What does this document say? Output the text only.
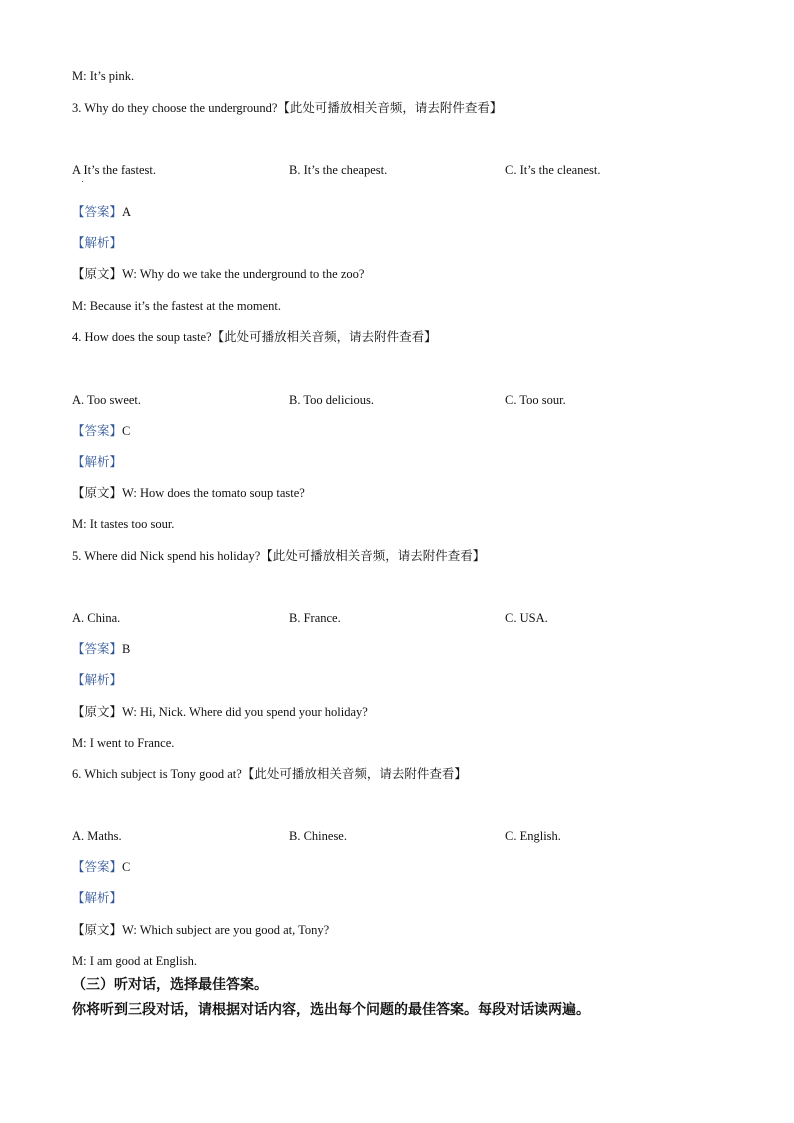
M: It’s pink.
3. Why do they choose the underground?【此处可播放相关音频，请去附件查看】
A It’s the fastest.	B. It’s the cheapest.	C. It’s the cleanest.
【答案】A
【解析】
【原文】W: Why do we take the underground to the zoo?
M: Because it’s the fastest at the moment.
4. How does the soup taste?【此处可播放相关音频，请去附件查看】
A. Too sweet.	B. Too delicious.	C. Too sour.
【答案】C
【解析】
【原文】W: How does the tomato soup taste?
M: It tastes too sour.
5. Where did Nick spend his holiday?【此处可播放相关音频，请去附件查看】
A. China.	B. France.	C. USA.
【答案】B
【解析】
【原文】W: Hi, Nick. Where did you spend your holiday?
M: I went to France.
6. Which subject is Tony good at?【此处可播放相关音频，请去附件查看】
A. Maths.	B. Chinese.	C. English.
【答案】C
【解析】
【原文】W: Which subject are you good at, Tony?
M: I am good at English.
（三）听对话，选择最佳答案。
你将听到三段对话，请根据对话内容，选出每个问题的最佳答案。每段对话读两遍。
